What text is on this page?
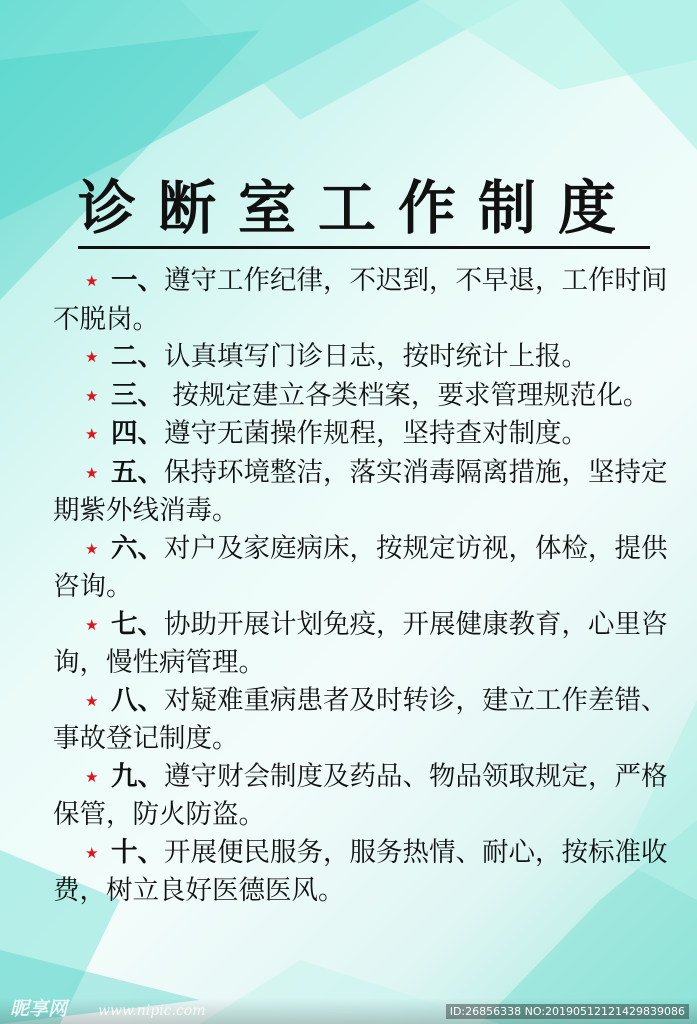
诊断室工作制度

★ 一、遵守工作纪律，不迟到，不早退，工作时间不脱岗。

★ 二、认真填写门诊日志，按时统计上报。

★ 三、 按规定建立各类档案，要求管理规范化。

★ 四、遵守无菌操作规程，坚持查对制度。

★ 五、保持环境整洁，落实消毒隔离措施，坚持定期紫外线消毒。

★ 六、对户及家庭病床，按规定访视，体检，提供咨询。

★ 七、协助开展计划免疫，开展健康教育，心里咨询，慢性病管理。

★ 八、对疑难重病患者及时转诊，建立工作差错、事故登记制度。

★ 九、遵守财会制度及药品、物品领取规定，严格保管，防火防盗。

★ 十、开展便民服务，服务热情、耐心，按标准收费，树立良好医德医风。

昵享网 www.nipic.com	ID:26856338 NO:20190512121429839086
